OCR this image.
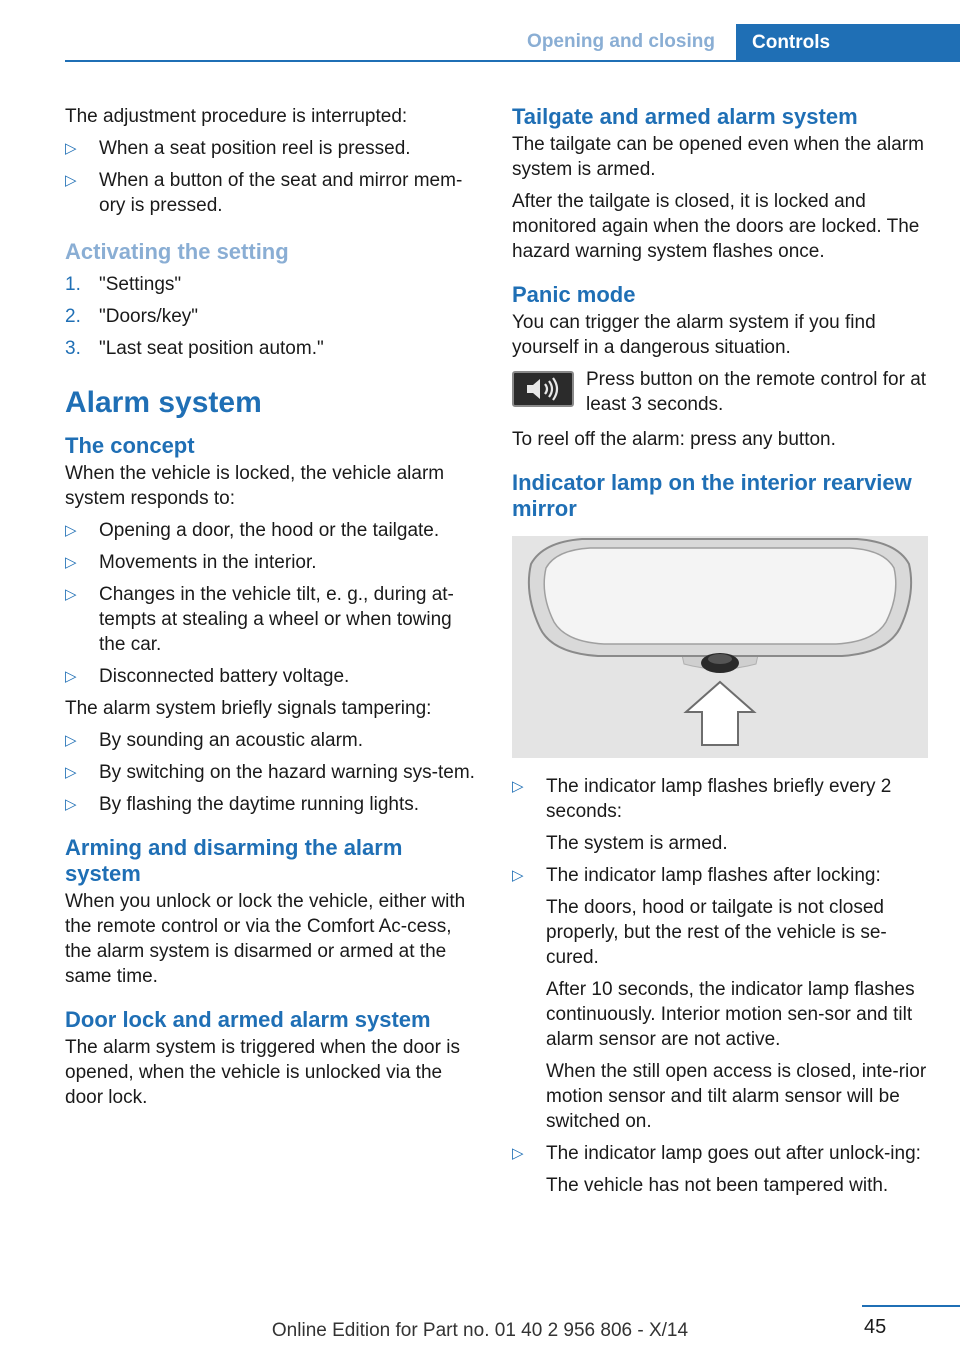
Opening and closing	Controls

The adjustment procedure is interrupted:

▷ When a seat position reel is pressed.
▷ When a button of the seat and mirror mem‐ory is pressed.
Activating the setting
1. "Settings"
2. "Doors/key"
3. "Last seat position autom."
Alarm system
The concept

When the vehicle is locked, the vehicle alarm system responds to:

▷ Opening a door, the hood or the tailgate.
▷ Movements in the interior.
▷ Changes in the vehicle tilt, e. g., during at‐tempts at stealing a wheel or when towing the car.
▷ Disconnected battery voltage.

The alarm system briefly signals tampering:

▷ By sounding an acoustic alarm.
▷ By switching on the hazard warning sys‐tem.
▷ By flashing the daytime running lights.
Arming and disarming the alarm system

When you unlock or lock the vehicle, either with the remote control or via the Comfort Ac‐cess, the alarm system is disarmed or armed at the same time.

Door lock and armed alarm system

The alarm system is triggered when the door is opened, when the vehicle is unlocked via the door lock.

Tailgate and armed alarm system

The tailgate can be opened even when the alarm system is armed.

After the tailgate is closed, it is locked and monitored again when the doors are locked. The hazard warning system flashes once.

Panic mode

You can trigger the alarm system if you find yourself in a dangerous situation.

Press button on the remote control for at least 3 seconds.

To reel off the alarm: press any button.

Indicator lamp on the interior rearview mirror
▷ The indicator lamp flashes briefly every 2 seconds:
The system is armed.
▷ The indicator lamp flashes after locking:
The doors, hood or tailgate is not closed properly, but the rest of the vehicle is se‐cured.
After 10 seconds, the indicator lamp flashes continuously. Interior motion sen‐sor and tilt alarm sensor are not active.
When the still open access is closed, inte‐rior motion sensor and tilt alarm sensor will be switched on.
▷ The indicator lamp goes out after unlock‐ing:
The vehicle has not been tampered with.
45
Online Edition for Part no. 01 40 2 956 806 - X/14
